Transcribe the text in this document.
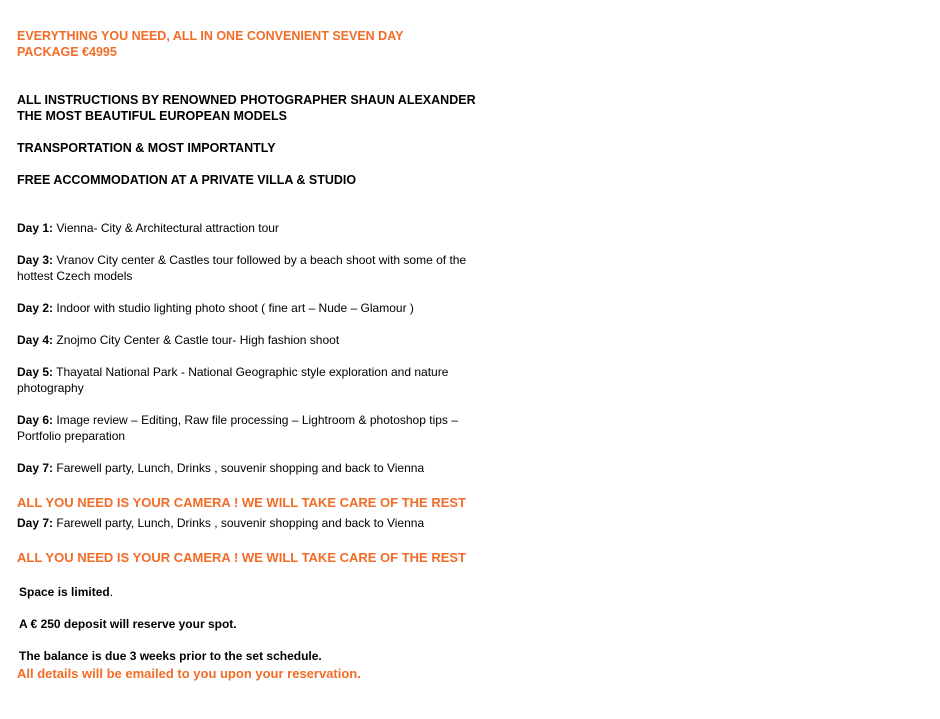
EVERYTHING YOU NEED, ALL IN ONE CONVENIENT SEVEN DAY
PACKAGE €4995
ALL INSTRUCTIONS BY RENOWNED PHOTOGRAPHER SHAUN ALEXANDER
THE MOST BEAUTIFUL EUROPEAN MODELS
TRANSPORTATION & MOST IMPORTANTLY
FREE ACCOMMODATION AT A PRIVATE VILLA & STUDIO
Day 1: Vienna- City & Architectural attraction tour
Day 3: Vranov City center & Castles tour followed by a beach shoot with some of the
hottest Czech models
Day 2: Indoor with studio lighting photo shoot ( fine art – Nude – Glamour )
Day 4: Znojmo City Center & Castle tour- High fashion shoot
Day 5: Thayatal National Park - National Geographic style exploration and nature
photography
Day 6: Image review – Editing, Raw file processing – Lightroom & photoshop tips –
Portfolio preparation
Day 7: Farewell party, Lunch, Drinks , souvenir shopping and back to Vienna
ALL YOU NEED IS YOUR CAMERA ! WE WILL TAKE CARE OF THE REST
Day 7: Farewell party, Lunch, Drinks , souvenir shopping and back to Vienna
ALL YOU NEED IS YOUR CAMERA ! WE WILL TAKE CARE OF THE REST
Space is limited.
A € 250 deposit will reserve your spot.
The balance is due 3 weeks prior to the set schedule.
All details will be emailed to you upon your reservation.
